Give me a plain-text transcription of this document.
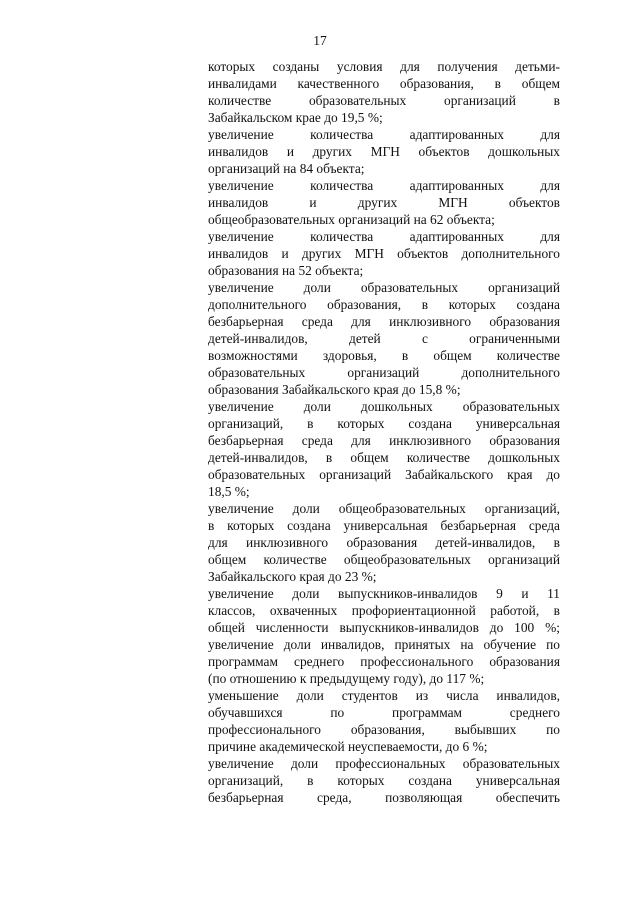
17
которых созданы условия для получения детьми-
инвалидами качественного образования, в общем
количестве образовательных организаций в
Забайкальском крае до 19,5 %;
увеличение количества адаптированных для
инвалидов и других МГН объектов дошкольных
организаций на 84 объекта;
увеличение количества адаптированных для
инвалидов и других МГН объектов
общеобразовательных организаций на 62 объекта;
увеличение количества адаптированных для
инвалидов и других МГН объектов дополнительного
образования на 52 объекта;
увеличение доли образовательных организаций
дополнительного образования, в которых создана
безбарьерная среда для инклюзивного образования
детей-инвалидов, детей с ограниченными
возможностями здоровья, в общем количестве
образовательных организаций дополнительного
образования Забайкальского края до 15,8 %;
увеличение доли дошкольных образовательных
организаций, в которых создана универсальная
безбарьерная среда для инклюзивного образования
детей-инвалидов, в общем количестве дошкольных
образовательных организаций Забайкальского края до
18,5 %;
увеличение доли общеобразовательных организаций,
в которых создана универсальная безбарьерная среда
для инклюзивного образования детей-инвалидов, в
общем количестве общеобразовательных организаций
Забайкальского края до 23 %;
увеличение доли выпускников-инвалидов 9 и 11
классов, охваченных профориентационной работой, в
общей численности выпускников-инвалидов до 100 %;
увеличение доли инвалидов, принятых на обучение по
программам среднего профессионального образования
(по отношению к предыдущему году), до 117 %;
уменьшение доли студентов из числа инвалидов,
обучавшихся по программам среднего
профессионального образования, выбывших по
причине академической неуспеваемости, до 6 %;
увеличение доли профессиональных образовательных
организаций, в которых создана универсальная
безбарьерная среда, позволяющая обеспечить
